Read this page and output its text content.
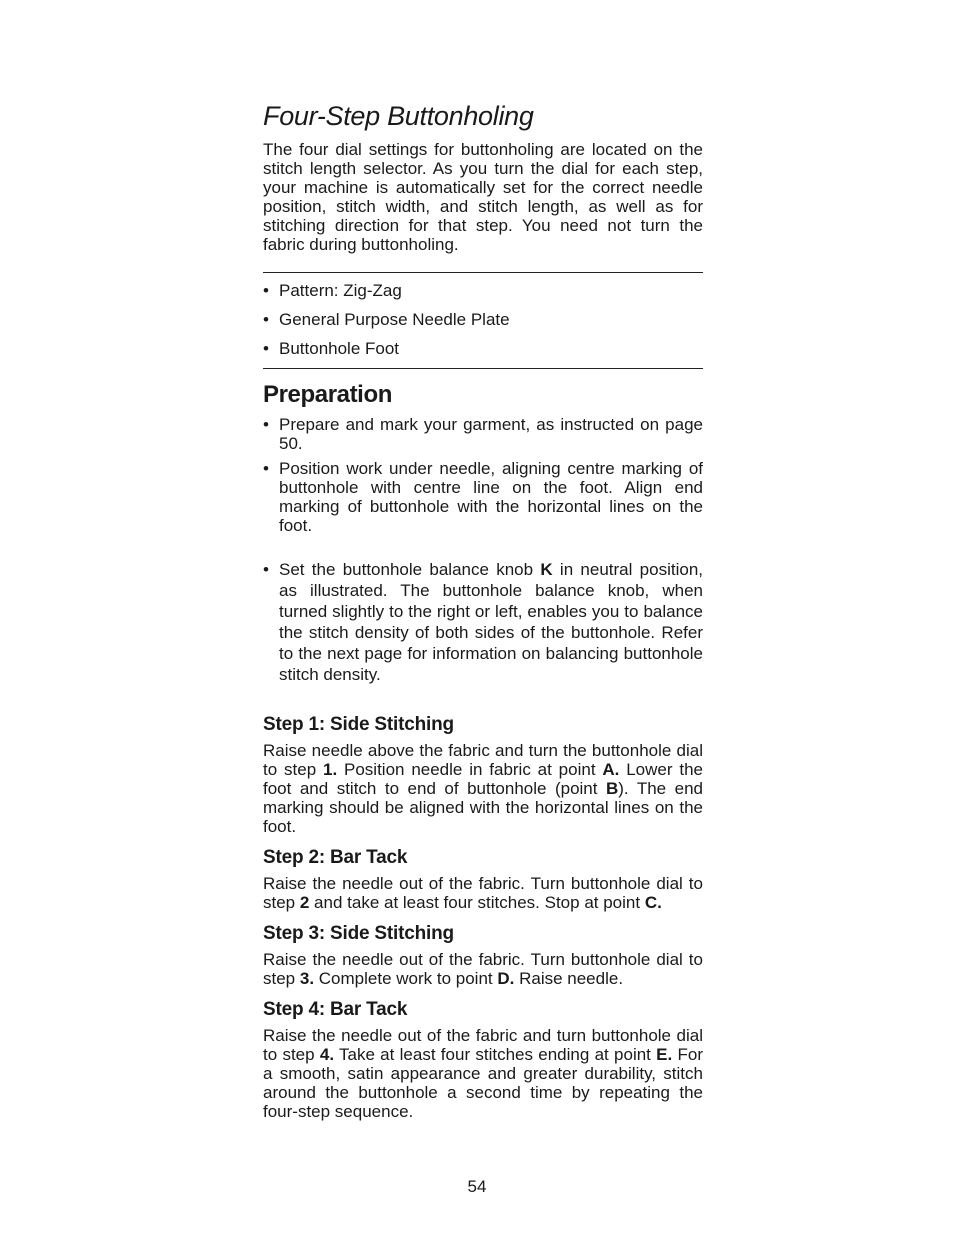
Four-Step Buttonholing

The four dial settings for buttonholing are located on the stitch length selector. As you turn the dial for each step, your machine is automatically set for the correct needle position, stitch width, and stitch length, as well as for stitching direction for that step. You need not turn the fabric during buttonholing.

• Pattern: Zig-Zag
• General Purpose Needle Plate
• Buttonhole Foot
Preparation
• Prepare and mark your garment, as instructed on page 50.
• Position work under needle, aligning centre marking of buttonhole with centre line on the foot. Align end marking of buttonhole with the horizontal lines on the foot.
• Set the buttonhole balance knob K in neutral position, as illustrated. The buttonhole balance knob, when turned slightly to the right or left, enables you to balance the stitch density of both sides of the buttonhole. Refer to the next page for information on balancing buttonhole stitch density.
Step 1: Side Stitching

Raise needle above the fabric and turn the buttonhole dial to step 1. Position needle in fabric at point A. Lower the foot and stitch to end of buttonhole (point B). The end marking should be aligned with the horizontal lines on the foot.

Step 2: Bar Tack

Raise the needle out of the fabric. Turn buttonhole dial to step 2 and take at least four stitches. Stop at point C.

Step 3: Side Stitching

Raise the needle out of the fabric. Turn buttonhole dial to step 3. Complete work to point D. Raise needle.

Step 4: Bar Tack

Raise the needle out of the fabric and turn buttonhole dial to step 4. Take at least four stitches ending at point E. For a smooth, satin appearance and greater durability, stitch around the buttonhole a second time by repeating the four-step sequence.

54
